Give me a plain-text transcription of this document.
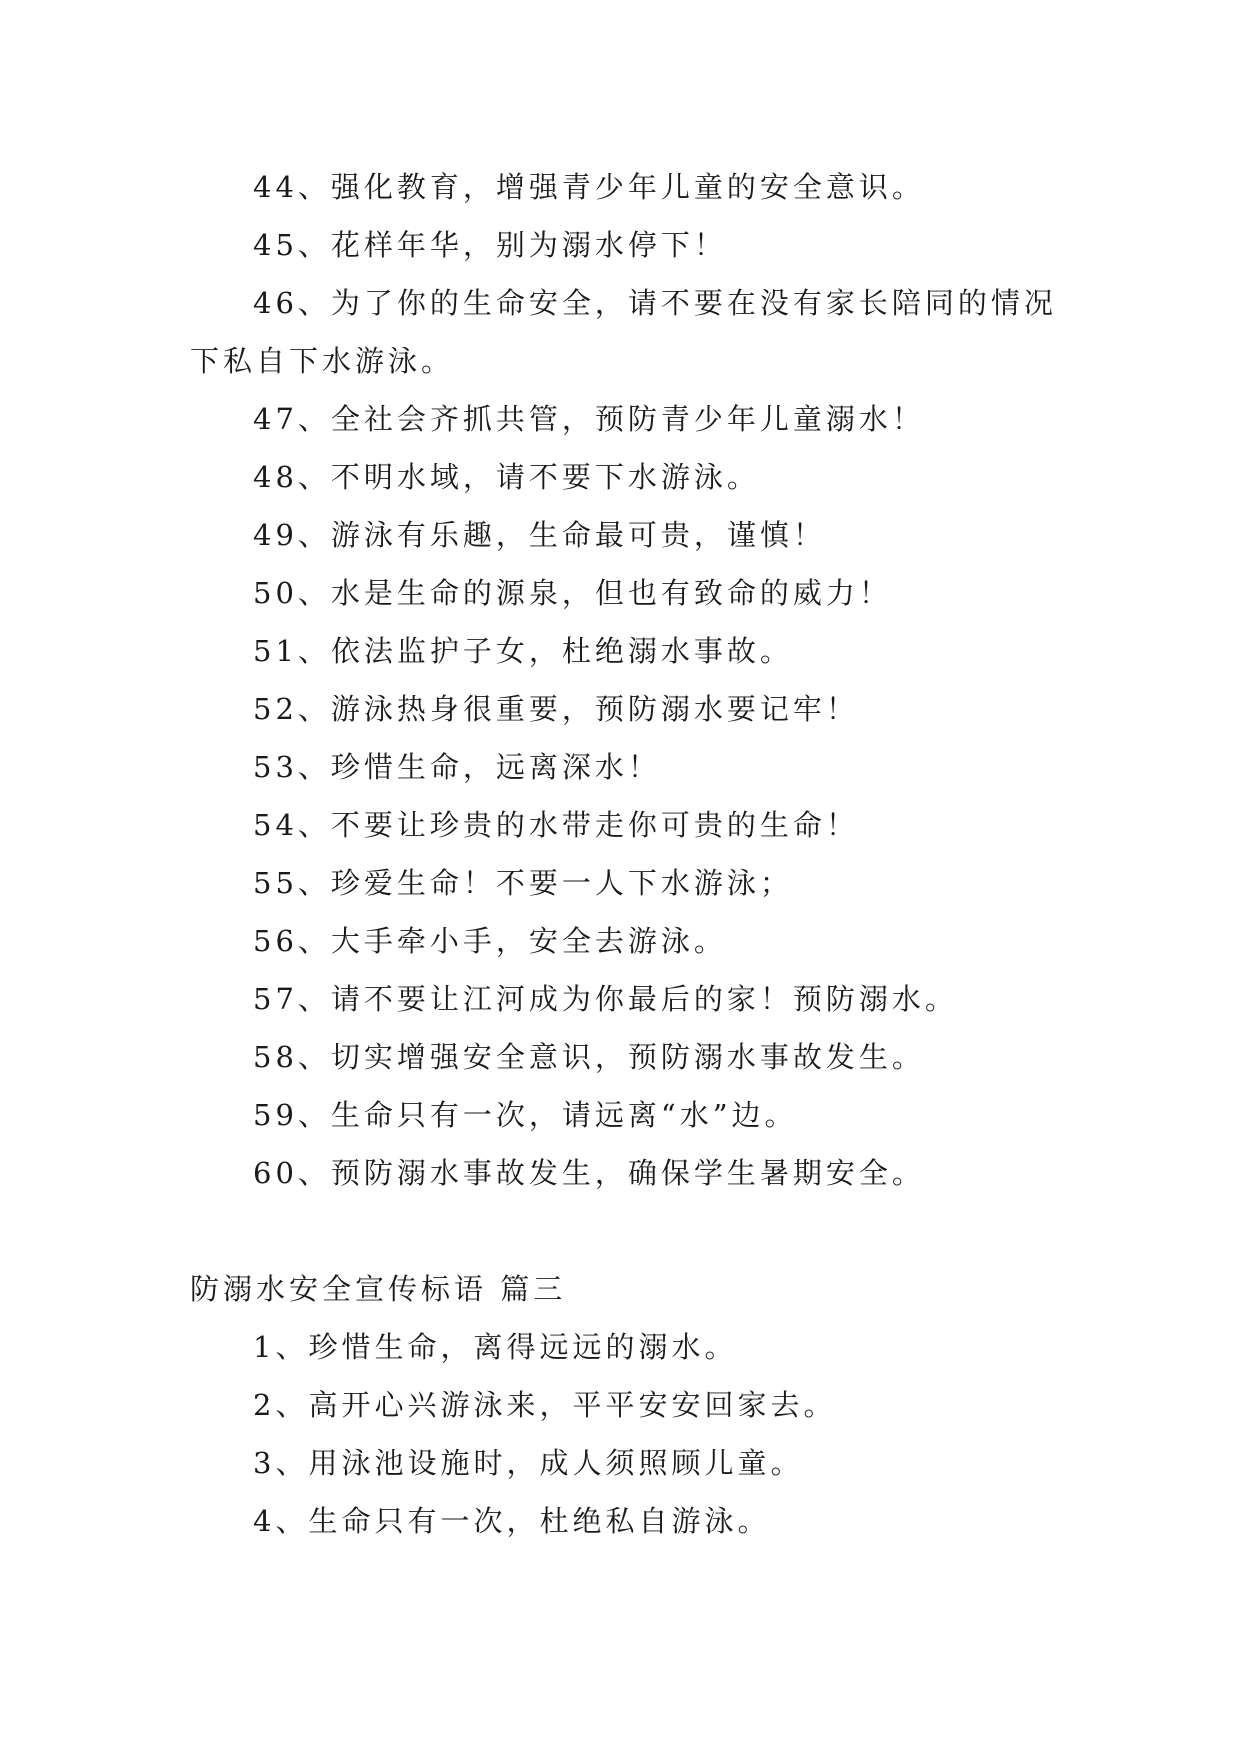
44、强化教育，增强青少年儿童的安全意识。
45、花样年华，别为溺水停下！
46、为了你的生命安全，请不要在没有家长陪同的情况
下私自下水游泳。
47、全社会齐抓共管，预防青少年儿童溺水！
48、不明水域，请不要下水游泳。
49、游泳有乐趣，生命最可贵，谨慎！
50、水是生命的源泉，但也有致命的威力！
51、依法监护子女，杜绝溺水事故。
52、游泳热身很重要，预防溺水要记牢！
53、珍惜生命，远离深水！
54、不要让珍贵的水带走你可贵的生命！
55、珍爱生命！不要一人下水游泳；
56、大手牵小手，安全去游泳。
57、请不要让江河成为你最后的家！预防溺水。
58、切实增强安全意识，预防溺水事故发生。
59、生命只有一次，请远离“水”边。
60、预防溺水事故发生，确保学生暑期安全。
防溺水安全宣传标语 篇三
1、珍惜生命，离得远远的溺水。
2、高开心兴游泳来，平平安安回家去。
3、用泳池设施时，成人须照顾儿童。
4、生命只有一次，杜绝私自游泳。
